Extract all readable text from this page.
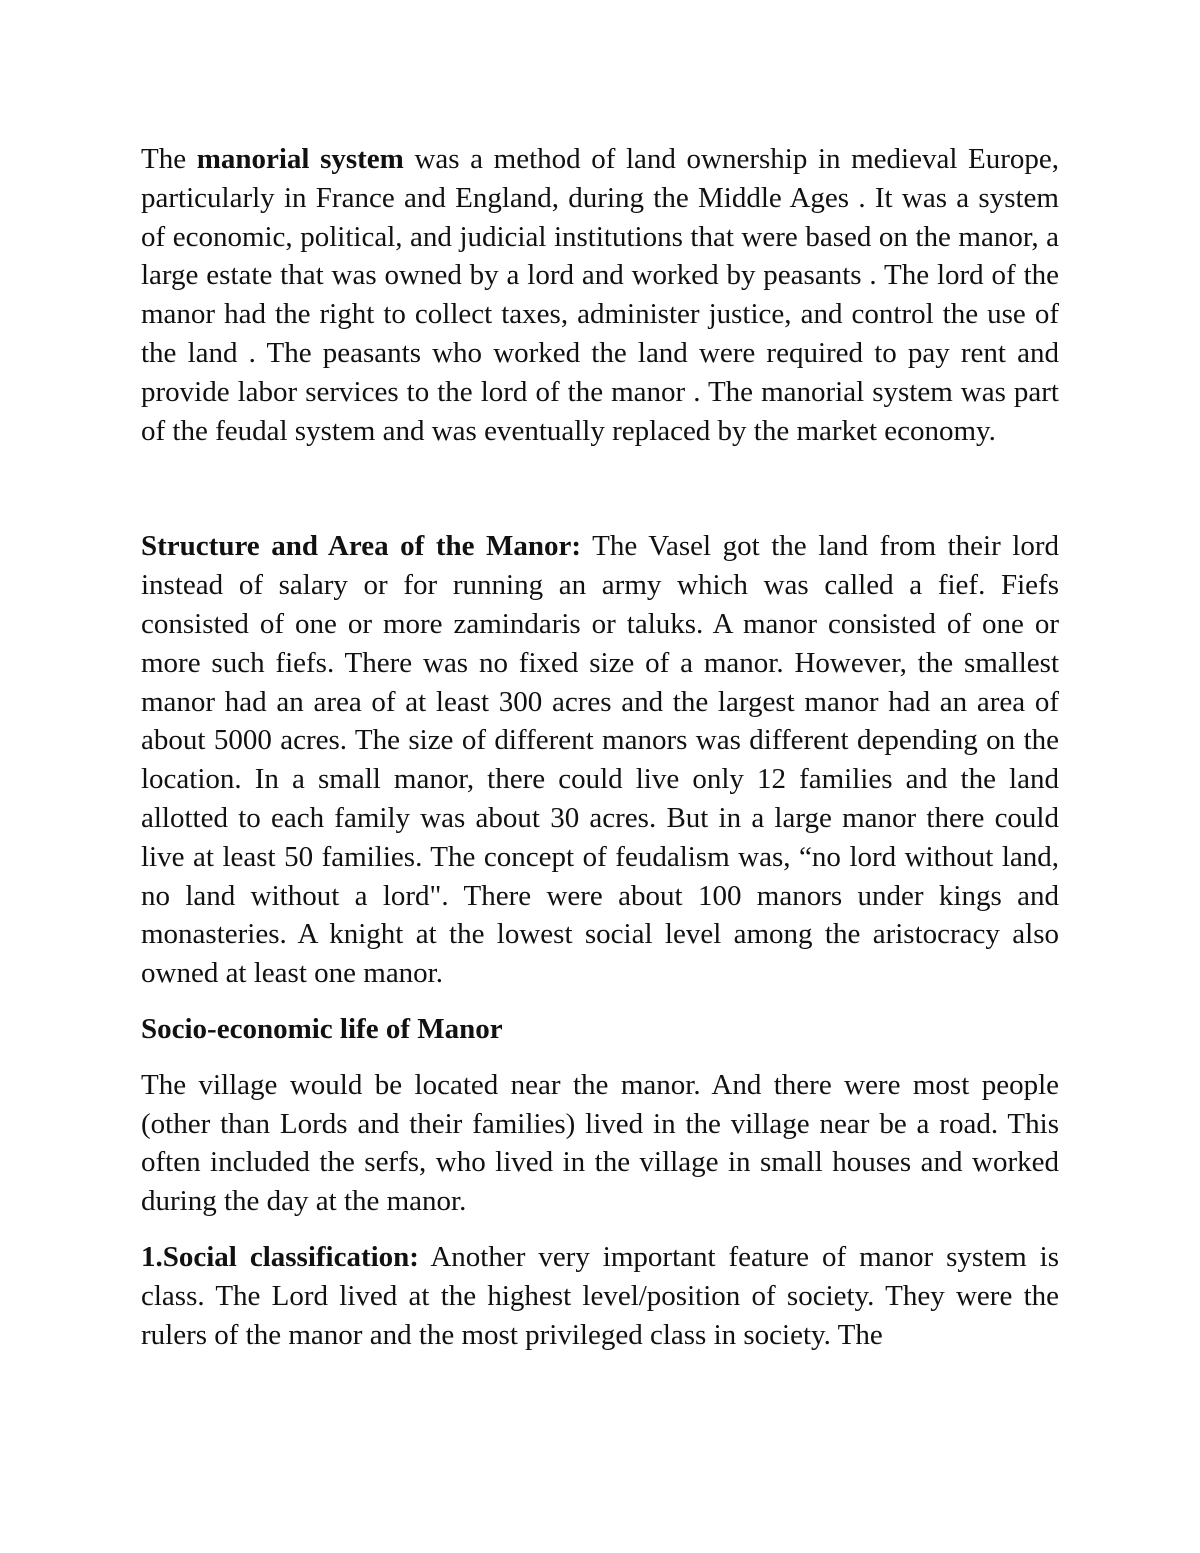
The manorial system was a method of land ownership in medieval Europe, particularly in France and England, during the Middle Ages . It was a system of economic, political, and judicial institutions that were based on the manor, a large estate that was owned by a lord and worked by peasants . The lord of the manor had the right to collect taxes, administer justice, and control the use of the land . The peasants who worked the land were required to pay rent and provide labor services to the lord of the manor . The manorial system was part of the feudal system and was eventually replaced by the market economy.

Structure and Area of the Manor: The Vasel got the land from their lord instead of salary or for running an army which was called a fief. Fiefs consisted of one or more zamindaris or taluks. A manor consisted of one or more such fiefs. There was no fixed size of a manor. However, the smallest manor had an area of at least 300 acres and the largest manor had an area of about 5000 acres. The size of different manors was different depending on the location. In a small manor, there could live only 12 families and the land allotted to each family was about 30 acres. But in a large manor there could live at least 50 families. The concept of feudalism was, “no lord without land, no land without a lord". There were about 100 manors under kings and monasteries. A knight at the lowest social level among the aristocracy also owned at least one manor.

Socio-economic life of Manor

The village would be located near the manor. And there were most people (other than Lords and their families) lived in the village near be a road. This often included the serfs, who lived in the village in small houses and worked during the day at the manor.

1.Social classification: Another very important feature of manor system is class. The Lord lived at the highest level/position of society. They were the rulers of the manor and the most privileged class in society. The
